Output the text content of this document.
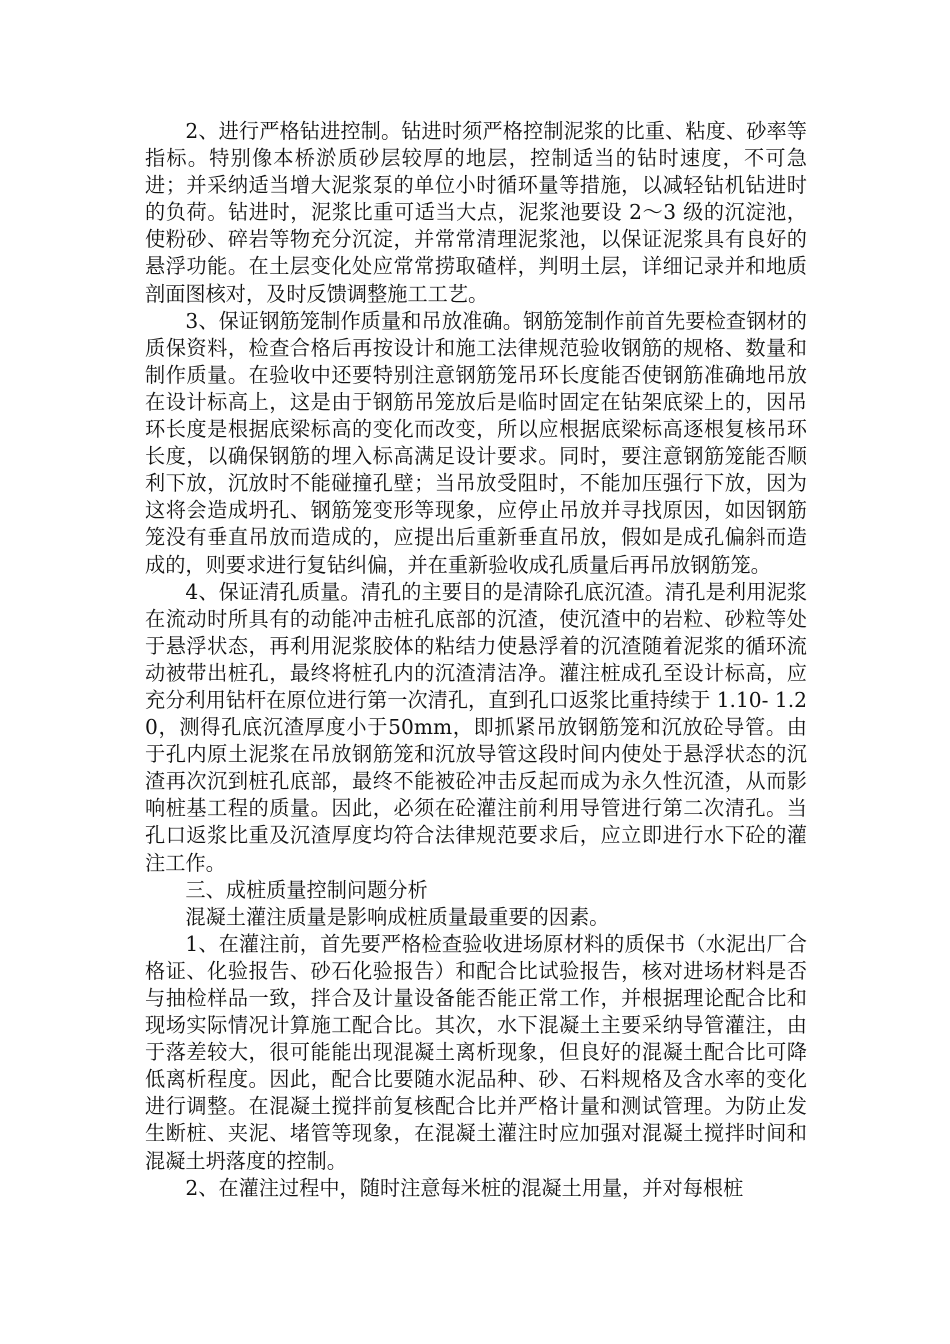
2、进行严格钻进控制。钻进时须严格控制泥浆的比重、粘度、砂率等指标。特别像本桥淤质砂层较厚的地层，控制适当的钻时速度，不可急进；并采纳适当增大泥浆泵的单位小时循环量等措施，以减轻钻机钻进时的负荷。钻进时，泥浆比重可适当大点，泥浆池要设 2～3 级的沉淀池，使粉砂、碎岩等物充分沉淀，并常常清理泥浆池，以保证泥浆具有良好的悬浮功能。在土层变化处应常常捞取碴样，判明土层，详细记录并和地质剖面图核对，及时反馈调整施工工艺。

3、保证钢筋笼制作质量和吊放准确。钢筋笼制作前首先要检查钢材的质保资料，检查合格后再按设计和施工法律规范验收钢筋的规格、数量和制作质量。在验收中还要特别注意钢筋笼吊环长度能否使钢筋准确地吊放在设计标高上，这是由于钢筋吊笼放后是临时固定在钻架底梁上的，因吊环长度是根据底梁标高的变化而改变，所以应根据底梁标高逐根复核吊环长度，以确保钢筋的埋入标高满足设计要求。同时，要注意钢筋笼能否顺利下放，沉放时不能碰撞孔壁；当吊放受阻时，不能加压强行下放，因为这将会造成坍孔、钢筋笼变形等现象，应停止吊放并寻找原因，如因钢筋笼没有垂直吊放而造成的，应提出后重新垂直吊放，假如是成孔偏斜而造成的，则要求进行复钻纠偏，并在重新验收成孔质量后再吊放钢筋笼。

4、保证清孔质量。清孔的主要目的是清除孔底沉渣。清孔是利用泥浆在流动时所具有的动能冲击桩孔底部的沉渣，使沉渣中的岩粒、砂粒等处于悬浮状态，再利用泥浆胶体的粘结力使悬浮着的沉渣随着泥浆的循环流动被带出桩孔，最终将桩孔内的沉渣清洁净。灌注桩成孔至设计标高，应充分利用钻杆在原位进行第一次清孔，直到孔口返浆比重持续于 1.10- 1.20，测得孔底沉渣厚度小于50mm，即抓紧吊放钢筋笼和沉放砼导管。由于孔内原土泥浆在吊放钢筋笼和沉放导管这段时间内使处于悬浮状态的沉渣再次沉到桩孔底部，最终不能被砼冲击反起而成为永久性沉渣，从而影响桩基工程的质量。因此，必须在砼灌注前利用导管进行第二次清孔。当孔口返浆比重及沉渣厚度均符合法律规范要求后，应立即进行水下砼的灌注工作。

三、成桩质量控制问题分析

混凝土灌注质量是影响成桩质量最重要的因素。

1、在灌注前，首先要严格检查验收进场原材料的质保书（水泥出厂合格证、化验报告、砂石化验报告）和配合比试验报告，核对进场材料是否与抽检样品一致，拌合及计量设备能否能正常工作，并根据理论配合比和现场实际情况计算施工配合比。其次，水下混凝土主要采纳导管灌注，由于落差较大，很可能能出现混凝土离析现象，但良好的混凝土配合比可降低离析程度。因此，配合比要随水泥品种、砂、石料规格及含水率的变化进行调整。在混凝土搅拌前复核配合比并严格计量和测试管理。为防止发生断桩、夹泥、堵管等现象，在混凝土灌注时应加强对混凝土搅拌时间和混凝土坍落度的控制。

2、在灌注过程中，随时注意每米桩的混凝土用量，并对每根桩
